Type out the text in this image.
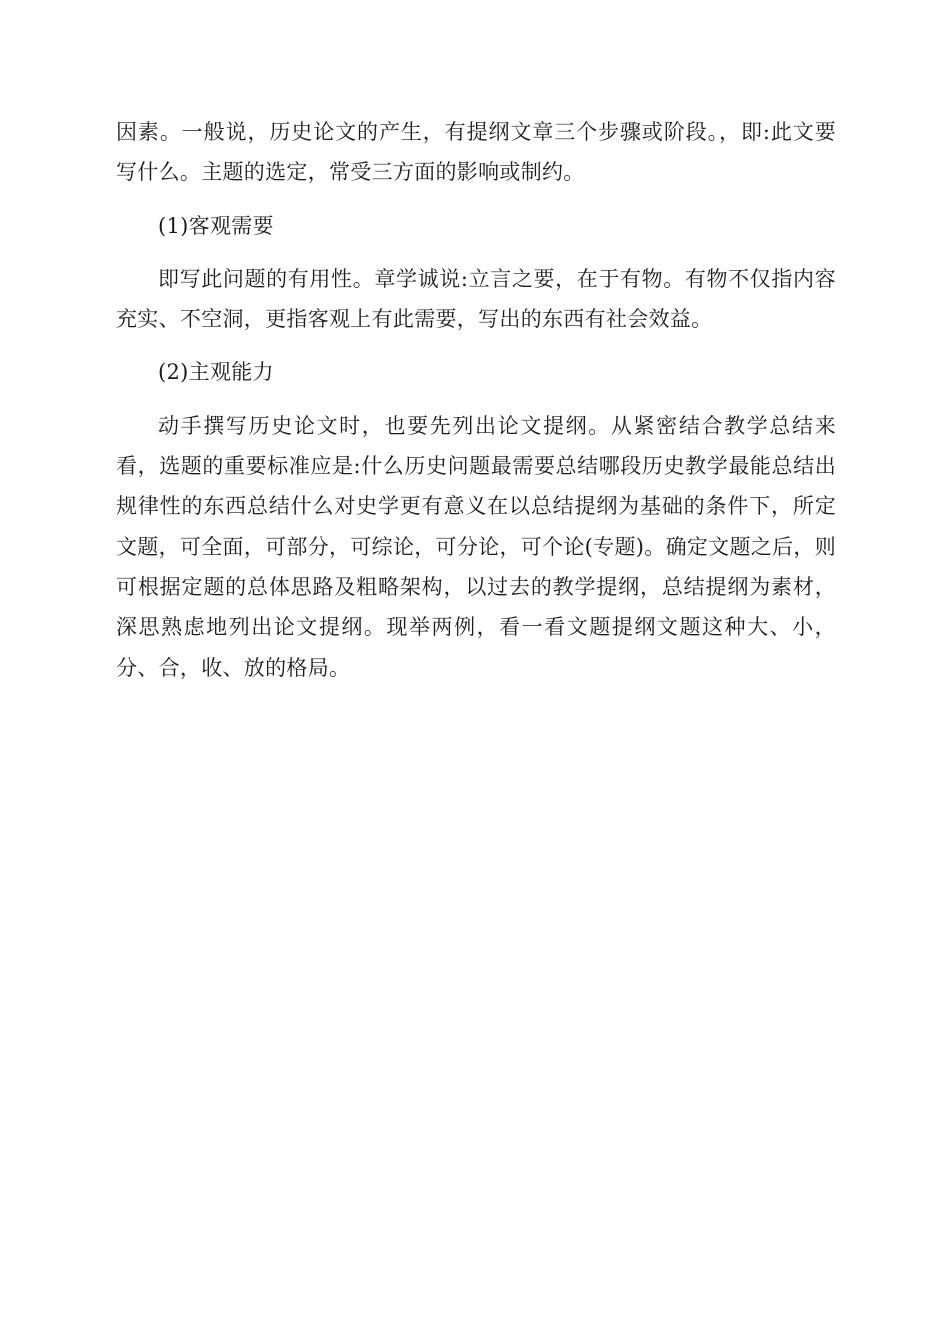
因素。一般说，历史论文的产生，有提纲文章三个步骤或阶段。，即:此文要写什么。主题的选定，常受三方面的影响或制约。

(1)客观需要

即写此问题的有用性。章学诚说:立言之要，在于有物。有物不仅指内容充实、不空洞，更指客观上有此需要，写出的东西有社会效益。

(2)主观能力

动手撰写历史论文时，也要先列出论文提纲。从紧密结合教学总结来看，选题的重要标准应是:什么历史问题最需要总结哪段历史教学最能总结出规律性的东西总结什么对史学更有意义在以总结提纲为基础的条件下，所定文题，可全面，可部分，可综论，可分论，可个论(专题)。确定文题之后，则可根据定题的总体思路及粗略架构，以过去的教学提纲，总结提纲为素材，深思熟虑地列出论文提纲。现举两例，看一看文题提纲文题这种大、小，分、合，收、放的格局。
